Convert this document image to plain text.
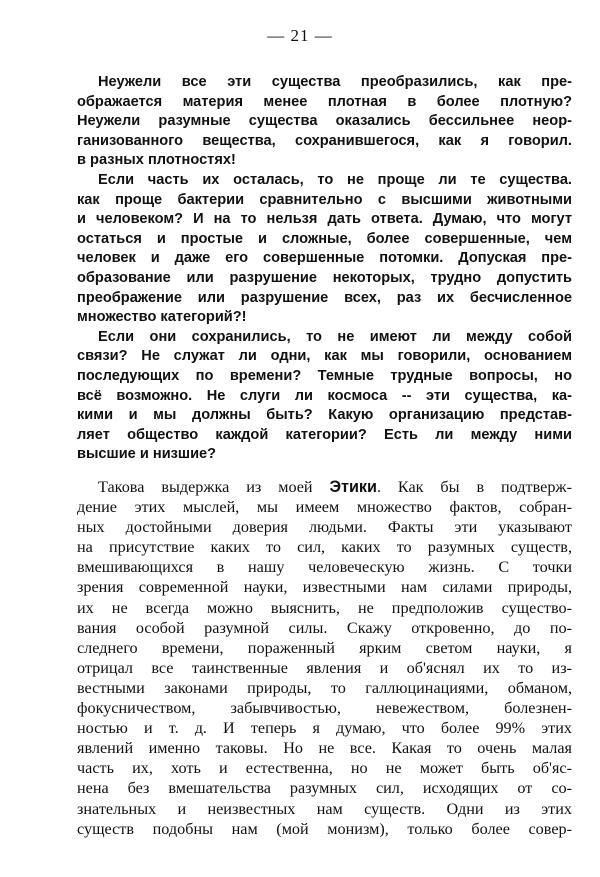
— 21 —
Неужели все эти существа преобразились, как пре-
ображается материя менее плотная в более плотную?
Неужели разумные существа оказались бессильнее неор-
ганизованного вещества, сохранившегося, как я говорил.
в разных плотностях!
Если часть их осталась, то не проще ли те существа.
как проще бактерии сравнительно с высшими животными
и человеком? И на то нельзя дать ответа. Думаю, что могут
остаться и простые и сложные, более совершенные, чем
человек и даже его совершенные потомки. Допуская пре-
образование или разрушение некоторых, трудно допустить
преображение или разрушение всех, раз их бесчисленное
множество категорий?!
Если они сохранились, то не имеют ли между собой
связи? Не служат ли одни, как мы говорили, основанием
последующих по времени? Темные трудные вопросы, но
всё возможно. Не слуги ли космоса -- эти существа, ка-
кими и мы должны быть? Какую организацию представ-
ляет общество каждой категории? Есть ли между ними
высшие и низшие?
Такова выдержка из моей Этики. Как бы в подтверж-
дение этих мыслей, мы имеем множество фактов, собран-
ных достойными доверия людьми. Факты эти указывают
на присутствие каких то сил, каких то разумных существ,
вмешивающихся в нашу человеческую жизнь. С точки
зрения современной науки, известными нам силами природы,
их не всегда можно выяснить, не предположив существо-
вания особой разумной силы. Скажу откровенно, до по-
следнего времени, пораженный ярким светом науки, я
отрицал все таинственные явления и об'яснял их то из-
вестными законами природы, то галлюцинациями, обманом,
фокусничеством, забывчивостью, невежеством, болезнен-
ностью и т. д. И теперь я думаю, что более 99% этих
явлений именно таковы. Но не все. Какая то очень малая
часть их, хоть и естественна, но не может быть об'яс-
нена без вмешательства разумных сил, исходящих от со-
знательных и неизвестных нам существ. Одни из этих
существ подобны нам (мой монизм), только более совер-
